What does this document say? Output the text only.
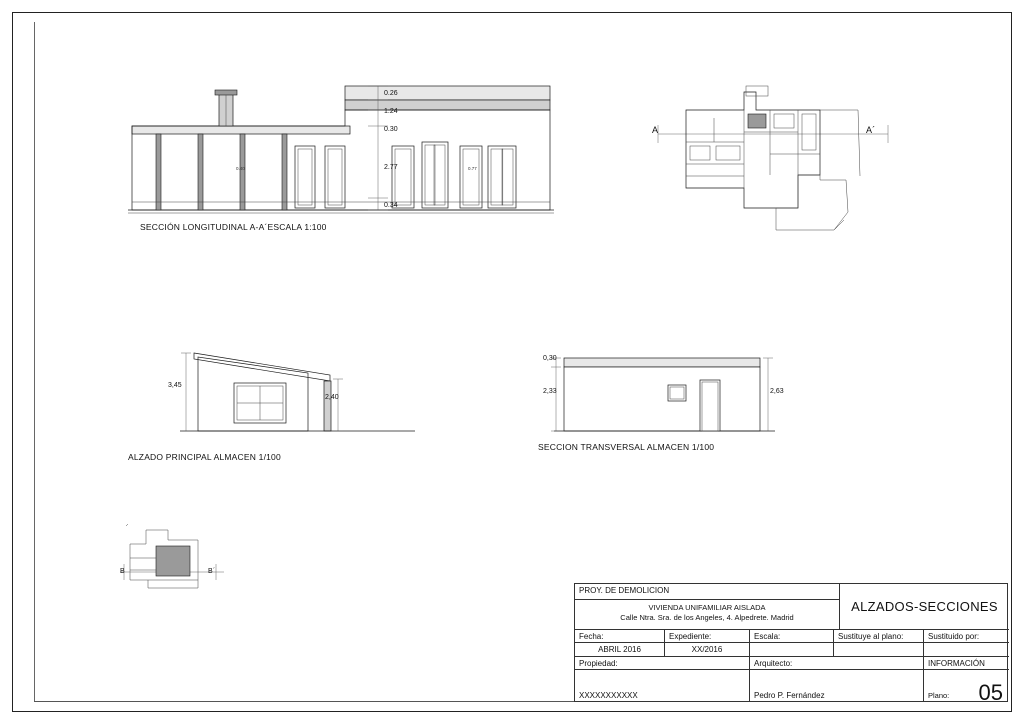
0.26
1.24
0.30
2.77
0.34
0.40	0.77
SECCIÓN LONGITUDINAL A-A´ESCALA 1:100
A	A´
3,45
2,40
ALZADO PRINCIPAL ALMACEN 1/100
0,30
2,33	2,63
SECCION TRANSVERSAL ALMACEN 1/100
B	B´
PROY. DE DEMOLICION
ALZADOS-SECCIONES
VIVIENDA UNIFAMILIAR AISLADA
Calle Ntra. Sra. de los Angeles, 4. Alpedrete. Madrid
Fecha:	Expediente:	Escala:	Sustituye al plano:	Sustituido por:
ABRIL 2016	XX/2016
Propiedad:	Arquitecto:	INFORMACIÓN
XXXXXXXXXXX	Pedro P. Fernández	Plano: 05
